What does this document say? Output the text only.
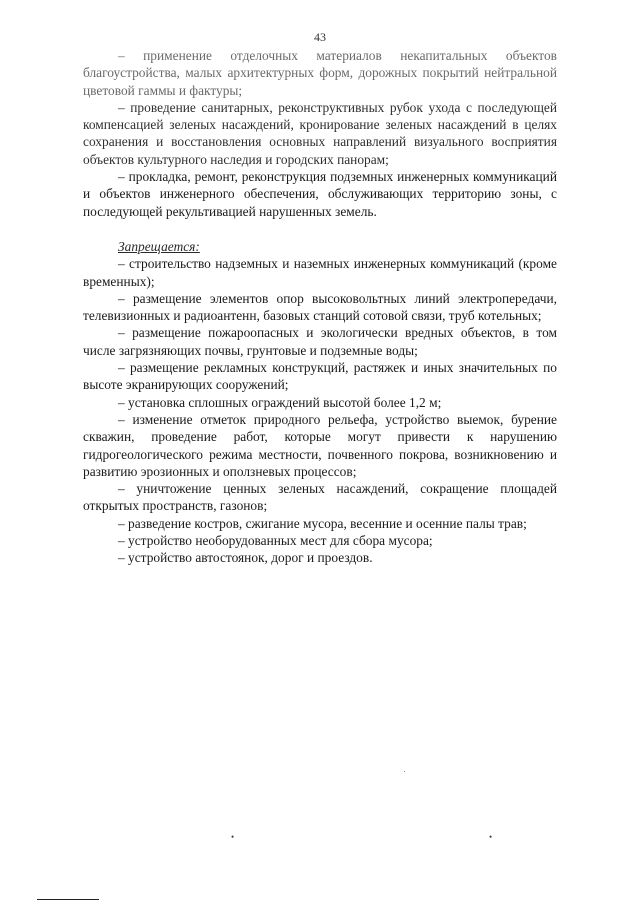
43

– применение отделочных материалов некапитальных объектов благоустройства, малых архитектурных форм, дорожных покрытий нейтральной цветовой гаммы и фактуры;

– проведение санитарных, реконструктивных рубок ухода с последующей компенсацией зеленых насаждений, кронирование зеленых насаждений в целях сохранения и восстановления основных направлений визуального восприятия объектов культурного наследия и городских панорам;

– прокладка, ремонт, реконструкция подземных инженерных коммуникаций и объектов инженерного обеспечения, обслуживающих территорию зоны, с последующей рекультивацией нарушенных земель.

Запрещается:

– строительство надземных и наземных инженерных коммуникаций (кроме временных);

– размещение элементов опор высоковольтных линий электропередачи, телевизионных и радиоантенн, базовых станций сотовой связи, труб котельных;

– размещение пожароопасных и экологически вредных объектов, в том числе загрязняющих почвы, грунтовые и подземные воды;

– размещение рекламных конструкций, растяжек и иных значительных по высоте экранирующих сооружений;

– установка сплошных ограждений высотой более 1,2 м;

– изменение отметок природного рельефа, устройство выемок, бурение скважин, проведение работ, которые могут привести к нарушению гидрогеологического режима местности, почвенного покрова, возникновению и развитию эрозионных и оползневых процессов;

– уничтожение ценных зеленых насаждений, сокращение площадей открытых пространств, газонов;

– разведение костров, сжигание мусора, весенние и осенние палы трав;

– устройство необорудованных мест для сбора мусора;

– устройство автостоянок, дорог и проездов.

•	•
